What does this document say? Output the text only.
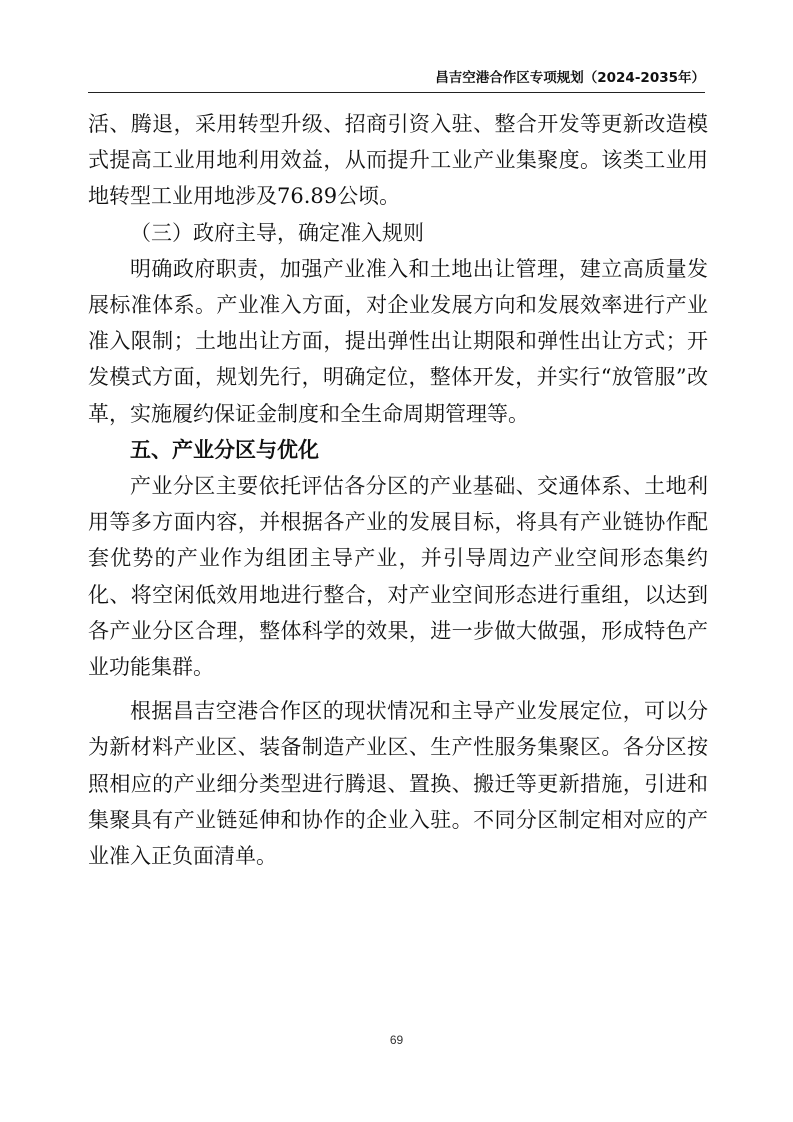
昌吉空港合作区专项规划（2024-2035年）

活、腾退，采用转型升级、招商引资入驻、整合开发等更新改造模式提高工业用地利用效益，从而提升工业产业集聚度。该类工业用地转型工业用地涉及76.89公顷。

（三）政府主导，确定准入规则

明确政府职责，加强产业准入和土地出让管理，建立高质量发展标准体系。产业准入方面，对企业发展方向和发展效率进行产业准入限制；土地出让方面，提出弹性出让期限和弹性出让方式；开发模式方面，规划先行，明确定位，整体开发，并实行“放管服”改革，实施履约保证金制度和全生命周期管理等。

五、产业分区与优化

产业分区主要依托评估各分区的产业基础、交通体系、土地利用等多方面内容，并根据各产业的发展目标，将具有产业链协作配套优势的产业作为组团主导产业，并引导周边产业空间形态集约化、将空闲低效用地进行整合，对产业空间形态进行重组，以达到各产业分区合理，整体科学的效果，进一步做大做强，形成特色产业功能集群。

根据昌吉空港合作区的现状情况和主导产业发展定位，可以分为新材料产业区、装备制造产业区、生产性服务集聚区。各分区按照相应的产业细分类型进行腾退、置换、搬迁等更新措施，引进和集聚具有产业链延伸和协作的企业入驻。不同分区制定相对应的产业准入正负面清单。

69
